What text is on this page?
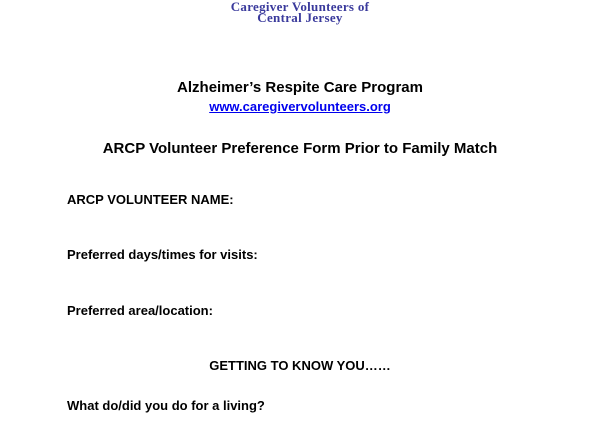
Caregiver Volunteers of
Central Jersey
Alzheimer’s Respite Care Program
www.caregivervolunteers.org
ARCP Volunteer Preference Form Prior to Family Match
ARCP VOLUNTEER NAME:
Preferred days/times for visits:
Preferred area/location:
GETTING TO KNOW YOU……
What do/did you do for a living?
